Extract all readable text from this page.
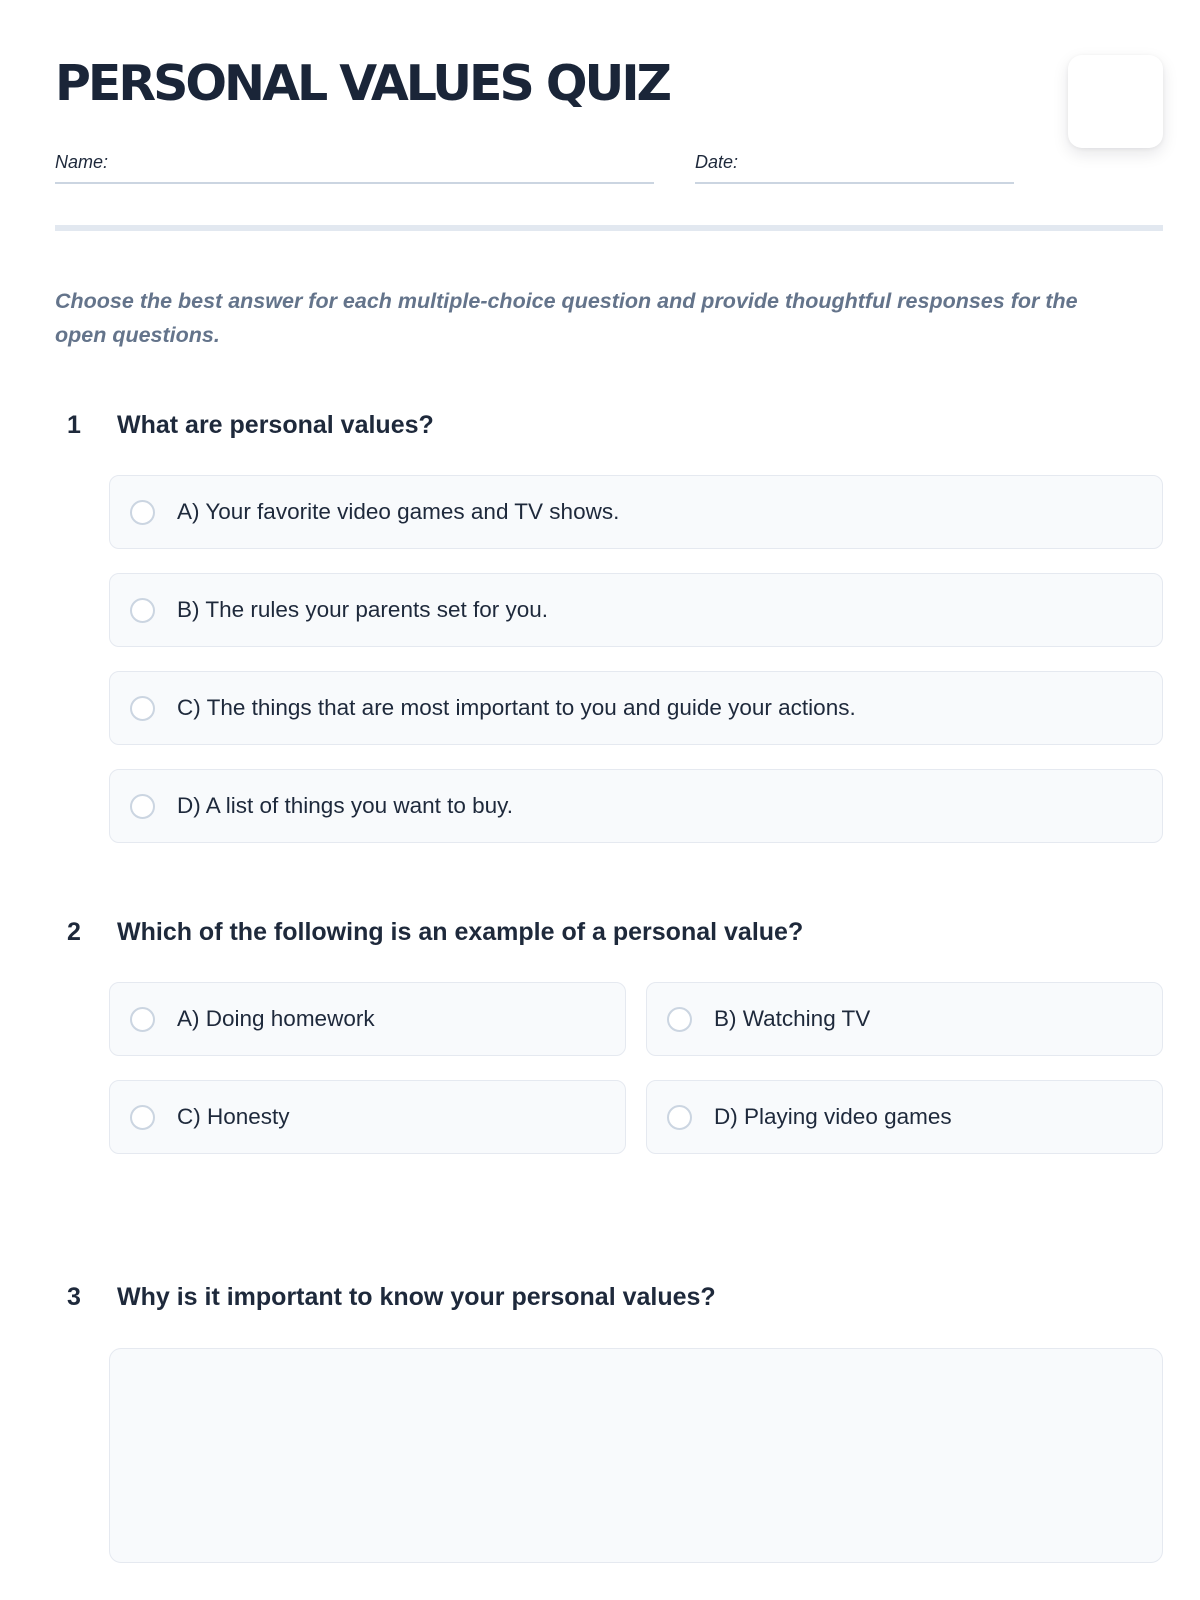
PERSONAL VALUES QUIZ
Name:	Date:

Choose the best answer for each multiple-choice question and provide thoughtful responses for the open questions.

1 What are personal values?
A) Your favorite video games and TV shows.
B) The rules your parents set for you.
C) The things that are most important to you and guide your actions.
D) A list of things you want to buy.
2 Which of the following is an example of a personal value?
A) Doing homework	B) Watching TV
C) Honesty	D) Playing video games
3 Why is it important to know your personal values?
